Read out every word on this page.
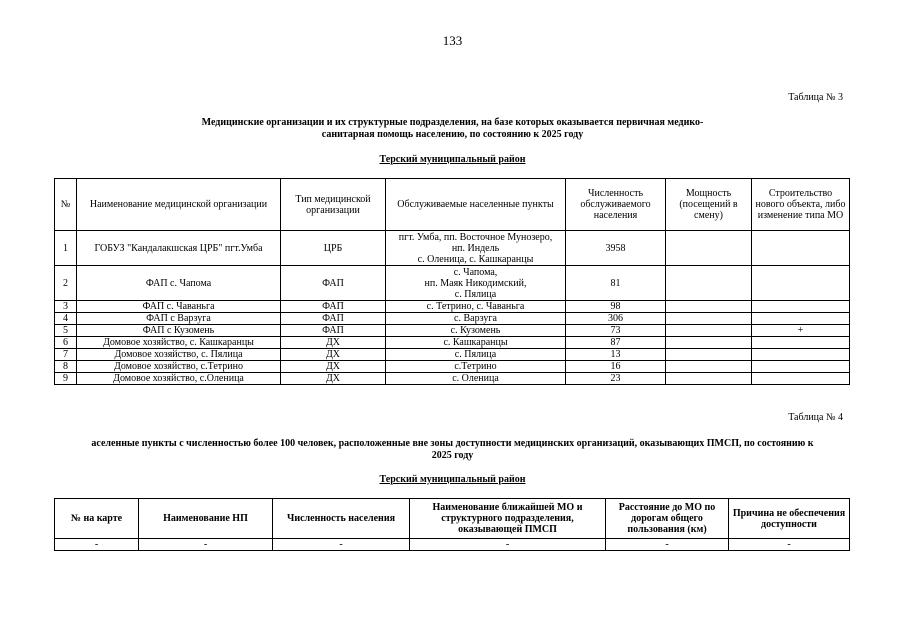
133
Таблица № 3
Медицинские организации и их структурные подразделения, на базе которых оказывается первичная медико-
санитарная помощь населению, по состоянию к 2025 году
Терский муниципальный район
№	Наименование медицинской организации	Тип медицинской организации	Обслуживаемые населенные пункты	Численность обслуживаемого населения	Мощность (посещений в смену)	Строительство нового объекта, либо изменение типа МО
1	ГОБУЗ "Кандалакшская ЦРБ" пгт.Умба	ЦРБ	пгт. Умба, пп. Восточное Мунозеро,
нп. Индель
с. Оленица, с. Кашкаранцы	3958		
2	ФАП с. Чапома	ФАП	с. Чапома,
нп. Маяк Никодимский,
с. Пялица	81		
3	ФАП с. Чаваньга	ФАП	с. Тетрино, с. Чаваньга	98		
4	ФАП с Варзуга	ФАП	с. Варзуга	306		
5	ФАП с Кузомень	ФАП	с. Кузомень	73		+
6	Домовое хозяйство, с. Кашкаранцы	ДХ	с. Кашкаранцы	87		
7	Домовое хозяйство, с. Пялица	ДХ	с. Пялица	13		
8	Домовое хозяйство, с.Тетрино	ДХ	с.Тетрино	16		
9	Домовое хозяйство, с.Оленица	ДХ	с. Оленица	23		
Таблица № 4
аселенные пункты с численностью более 100 человек, расположенные вне зоны доступности медицинских организаций, оказывающих ПМСП, по состоянию к
2025 году
Терский муниципальный район
№ на карте	Наименование НП	Численность населения	Наименование ближайшей МО и структурного подразделения, оказывающей ПМСП	Расстояние до МО по дорогам общего пользования (км)	Причина не обеспечения доступности
-	-	-	-	-	-
